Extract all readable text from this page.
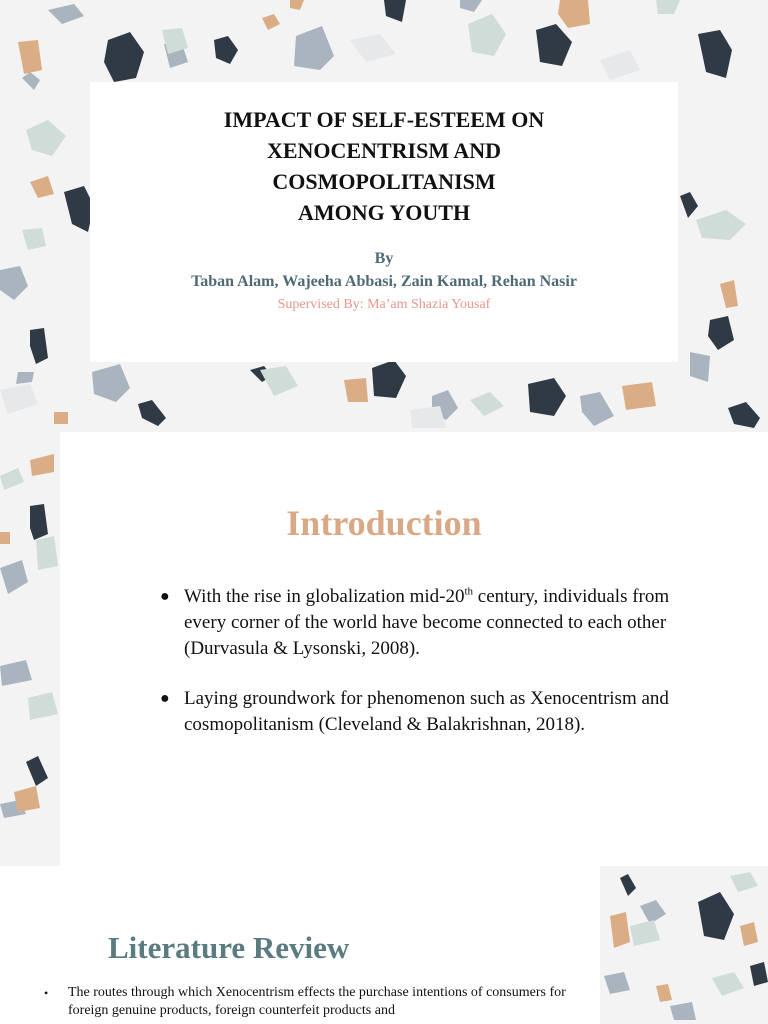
IMPACT OF SELF-ESTEEM ON
XENOCENTRISM AND
COSMOPOLITANISM
AMONG YOUTH
By
Taban Alam, Wajeeha Abbasi, Zain Kamal, Rehan Nasir
Supervised By: Ma’am Shazia Yousaf
Introduction
● With the rise in globalization mid-20th century, individuals from every corner of the world have become connected to each other (Durvasula & Lysonski, 2008).
● Laying groundwork for phenomenon such as Xenocentrism and cosmopolitanism (Cleveland & Balakrishnan, 2018).
Literature Review
• The routes through which Xenocentrism effects the purchase intentions of consumers for foreign genuine products, foreign counterfeit products and
